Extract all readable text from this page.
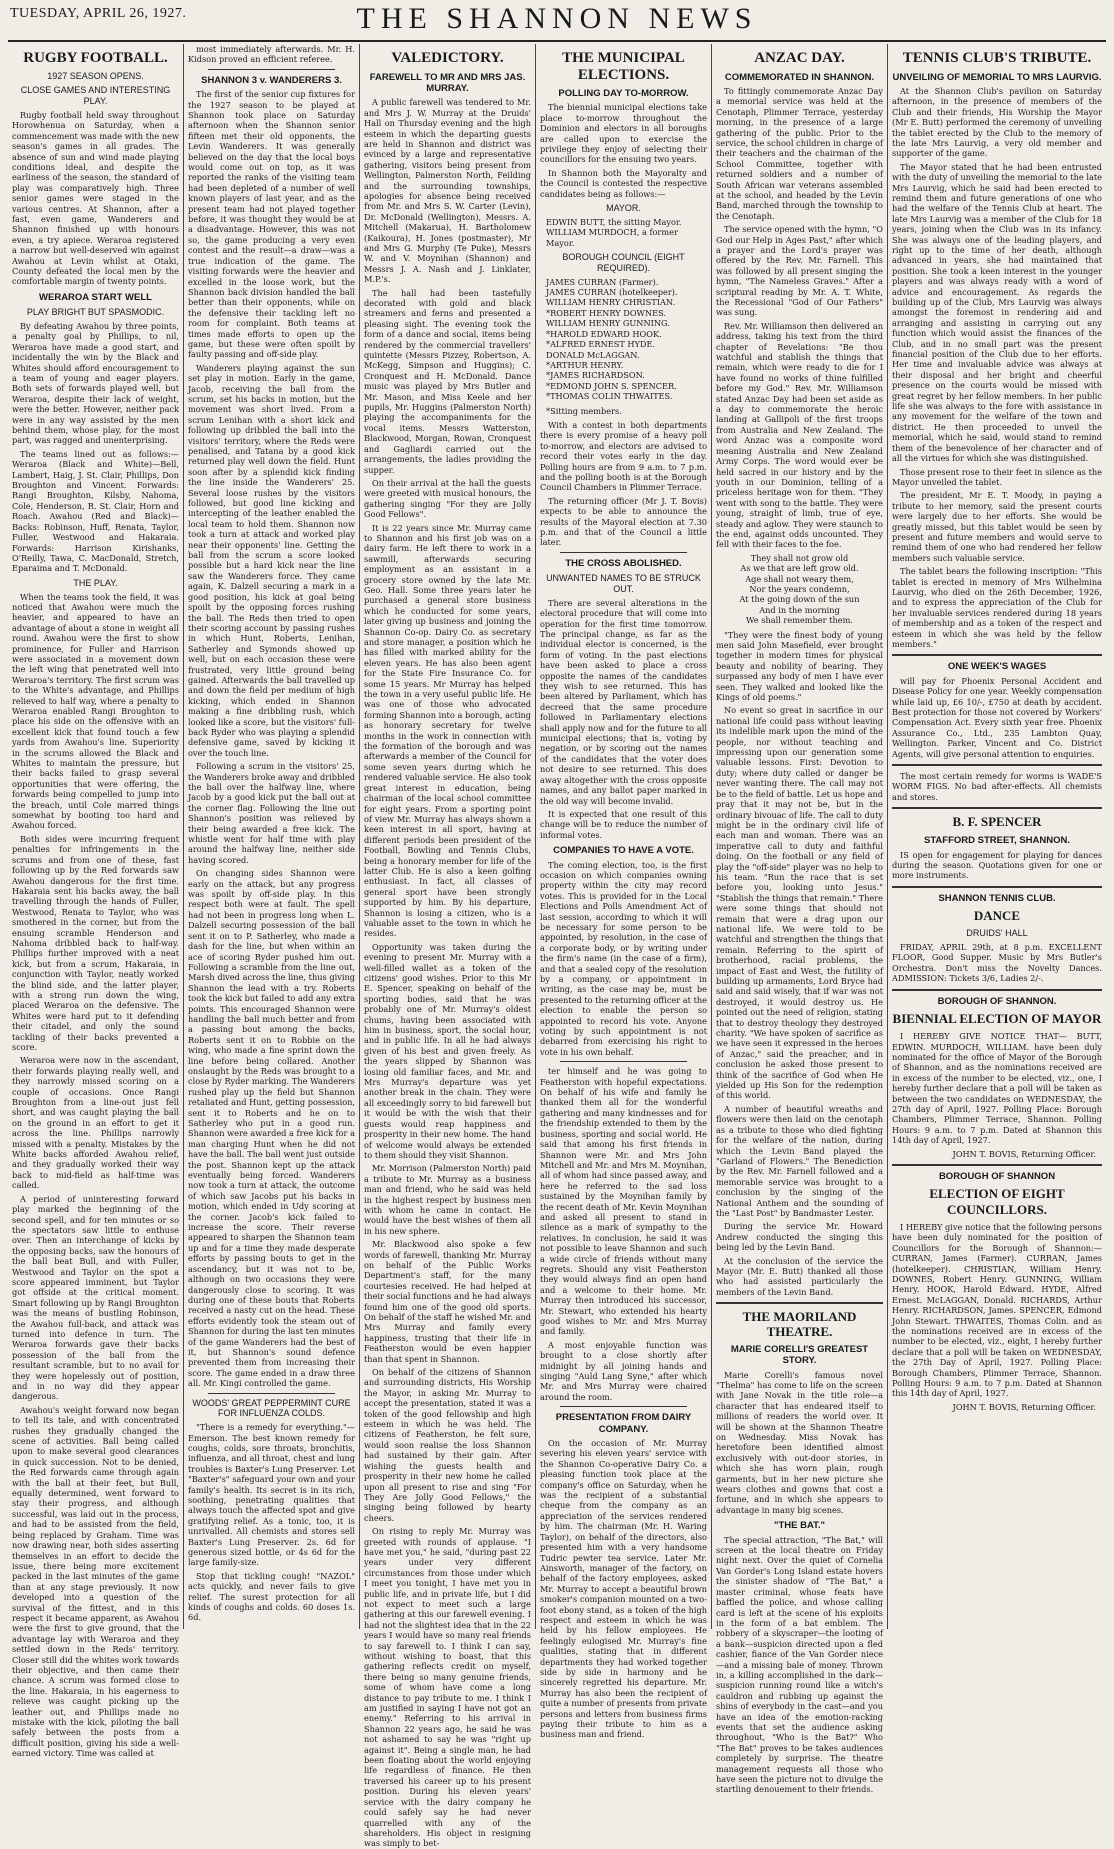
TUESDAY, APRIL 26, 1927.	THE SHANNON NEWS
RUGBY FOOTBALL.
1927 SEASON OPENS.
CLOSE GAMES AND INTERESTING PLAY.

Rugby football held sway throughout Horowhenua on Saturday, when a commencement was made with the new season's games in all grades. The absence of sun and wind made playing conditions ideal, and despite the earliness of the season, the standard of play was comparatively high. Three senior games were staged in the various centres. At Shannon, after a fast, even game, Wanderers and Shannon finished up with honours even, a try apiece. Weraroa registered a narrow but well-deserved win against Awahou at Levin whilst at Otaki, County defeated the local men by the comfortable margin of twenty points.

WERAROA START WELL
PLAY BRIGHT BUT SPASMODIC.

By defeating Awahou by three points, a penalty goal by Phillips, to nil, Weraroa have made a good start, and incidentally the win by the Black and Whites should afford encouragement to a team of young and eager players. Both sets of forwards played well, but Weraroa, despite their lack of weight, were the better. However, neither pack were in any way assisted by the men behind them, whose play, for the most part, was ragged and unenterprising.

The teams lined out as follows:— Weraroa (Black and White)—Bell, Lambert, Haig, J. St. Clair, Phillips, Don Broughton and Vincent. Forwards: Rangi Broughton, Kilsby, Nahoma, Cole, Henderson, R. St. Clair, Horn and Roach. Awahou (Red and Black)—Backs: Robinson, Huff, Renata, Taylor, Fuller, Westwood and Hakaraia. Forwards: Harrison Kirishanks, O'Reilly, Tawa, C. MacDonald, Stretch, Eparaima and T. McDonald.

THE PLAY.

When the teams took the field, it was noticed that Awahou were much the heavier, and appeared to have an advantage of about a stone in weight all round. Awahou were the first to show prominence, for Fuller and Harrison were associated in a movement down the left wing that penetrated well into Weraroa's territory. The first scrum was to the White's advantage, and Phillips relieved to half way, where a penalty to Weraroa enabled Rangi Broughton to place his side on the offensive with an excellent kick that found touch a few yards from Awahou's line. Superiority in the scrums allowed the Black and Whites to maintain the pressure, but their backs failed to grasp several opportunities that were offering, the forwards being compelled to jump into the breach, until Cole marred things somewhat by booting too hard and Awahou forced.

Both sides were incurring frequent penalties for infringements in the scrums and from one of these, fast following up by the Red forwards saw Awahou dangerous for the first time. Hakaraia sent his backs away, the ball travelling through the hands of Fuller, Westwood, Renata to Taylor, who was smothered in the corner, but from the ensuing scramble Henderson and Nahoma dribbled back to half-way. Phillips further improved with a neat kick, but from a scrum, Hakaraia, in conjunction with Taylor, neatly worked the blind side, and the latter player, with a strong run down the wing, placed Weraroa on the defensive. The Whites were hard put to it defending their citadel, and only the sound tackling of their backs prevented a score.

Weraroa were now in the ascendant, their forwards playing really well, and they narrowly missed scoring on a couple of occasions. Once Rangi Broughton from a line-out just fell short, and was caught playing the ball on the ground in an effort to get it across the line. Phillips narrowly missed with a penalty. Mistakes by the White backs afforded Awahou relief, and they gradually worked their way back to mid-field as half-time was called.

A period of uninteresting forward play marked the beginning of the second spell, and for ten minutes or so the spectators saw little to enthuse over. Then an interchange of kicks by the opposing backs, saw the honours of the ball beat Bull, and with Fuller, Westwood and Taylor on the spot a score appeared imminent, but Taylor got offside at the critical moment. Smart following up by Rangi Broughton was the means of bustling Robinson, the Awahou full-back, and attack was turned into defence in turn. The Weraroa forwards gave their backs possession of the ball from the resultant scramble, but to no avail for they were hopelessly out of position, and in no way did they appear dangerous.

Awahou's weight forward now began to tell its tale, and with concentrated rushes they gradually changed the scene of activities. Ball being called upon to make several good clearances in quick succession. Not to be denied, the Red forwards came through again with the ball at their feet, but Bull, equally determined, went forward to stay their progress, and although successful, was laid out in the process, and had to be assisted from the field, being replaced by Graham. Time was now drawing near, both sides asserting themselves in an effort to decide the issue, there being more excitement packed in the last minutes of the game than at any stage previously. It now developed into a question of the survival of the fittest, and in this respect it became apparent, as Awahou were the first to give ground, that the advantage lay with Weraroa and they settled down in the Reds' territory. Closer still did the whites work towards their objective, and then came their chance. A scrum was formed close to the line. Hakaraia, in his eagerness to relieve was caught picking up the leather out, and Phillips made no mistake with the kick, piloting the ball safely between the posts from a difficult position, giving his side a well-earned victory. Time was called at

most immediately afterwards. Mr. H. Kidson proved an efficient referee.

SHANNON 3 v. WANDERERS 3.

The first of the senior cup fixtures for the 1927 season to be played at Shannon took place on Saturday afternoon when the Shannon senior fifteen met their old opponents, the Levin Wanderers. It was generally believed on the day that the local boys would come out on top, as it was reported the ranks of the visiting team had been depleted of a number of well known players of last year, and as the present team had not played together before, it was thought they would be at a disadvantage. However, this was not so, the game producing a very even contest and the result—a draw—was a true indication of the game. The visiting forwards were the heavier and excelled in the loose work, but the Shannon back division handled the ball better than their opponents, while on the defensive their tackling left no room for complaint. Both teams at times made efforts to open up the game, but these were often spoilt by faulty passing and off-side play.

Wanderers playing against the sun set play in motion. Early in the game, Jacob, receiving the ball from the scrum, set his backs in motion, but the movement was short lived. From a scrum Lenihan with a short kick and following up dribbled the ball into the visitors' territory, where the Reds were penalised, and Tatana by a good kick returned play well down the field. Hunt soon after by a splendid kick finding the line inside the Wanderers' 25. Several loose rushes by the visitors followed, but good line kicking and intercepting of the leather enabled the local team to hold them. Shannon now took a turn at attack and worked play near their opponents' line. Getting the ball from the scrum a score looked possible but a hard kick near the line saw the Wanderers force. They came again, K. Dalzell securing a mark in a good position, his kick at goal being spoilt by the opposing forces rushing the ball. The Reds then tried to open their scoring account by passing rushes in which Hunt, Roberts, Lenihan, Satherley and Symonds showed up well, but on each occasion these were frustrated, very little ground being gained. Afterwards the ball travelled up and down the field per medium of high kicking, which ended in Shannon making a fine dribbling rush, which looked like a score, but the visitors' full-back Ryder who was playing a splendid defensive game, saved by kicking it over the touch line.

Following a scrum in the visitors' 25, the Wanderers broke away and dribbled the ball over the halfway line, where Jacob by a good kick put the ball out at the corner flag. Following the line out Shannon's position was relieved by their being awarded a free kick. The whistle went for half time with play around the halfway line, neither side having scored.

On changing sides Shannon were early on the attack, but any progress was spoilt by off-side play. In this respect both were at fault. The spell had not been in progress long when L. Dalzell securing possession of the ball sent it on to P. Satherley, who made a dash for the line, but when within an ace of scoring Ryder pushed him out. Following a scramble from the line out, Marsh dived across the line, thus giving Shannon the lead with a try. Roberts took the kick but failed to add any extra points. This encouraged Shannon were handling the ball much better and from a passing bout among the backs, Roberts sent it on to Robbie on the wing, who made a fine sprint down the line before being collared. Another onslaught by the Reds was brought to a close by Ryder marking. The Wanderers rushed play up the field but Shannon retaliated and Hunt, getting possession, sent it to Roberts and he on to Satherley who put in a good run. Shannon were awarded a free kick for a man charging Hunt when he did not have the ball. The ball went just outside the post. Shannon kept up the attack eventually being forced. Wanderers now took a turn at attack, the outcome of which saw Jacobs put his backs in motion, which ended in Udy scoring at the corner. Jacob's kick failed to increase the score. Their reverse appeared to sharpen the Shannon team up and for a time they made desperate efforts by passing bouts to get in the ascendancy, but it was not to be, although on two occasions they were dangerously close to scoring. It was during one of these bouts that Roberts received a nasty cut on the head. These efforts evidently took the steam out of Shannon for during the last ten minutes of the game Wanderers had the best of it, but Shannon's sound defence prevented them from increasing their score. The game ended in a draw three all. Mr. Kingi controlled the game.

WOODS' GREAT PEPPERMINT CURE FOR INFLUENZA COLDS.

"There is a remedy for everything."—Emerson. The best known remedy for coughs, colds, sore throats, bronchitis, influenza, and all throat, chest and lung troubles is Baxter's Lung Preserver. Let "Baxter's" safeguard your own and your family's health. Its secret is in its rich, soothing, penetrating qualities that always touch the affected spot and give gratifying relief. As a tonic, too, it is unrivalled. All chemists and stores sell Baxter's Lung Preserver. 2s. 6d for generous sized bottle, or 4s 6d for the large family-size.

Stop that tickling cough! "NAZOL" acts quickly, and never fails to give relief. The surest protection for all kinds of coughs and colds. 60 doses 1s. 6d.

VALEDICTORY.
FAREWELL TO MR AND MRS JAS. MURRAY.

A public farewell was tendered to Mr. and Mrs J. W. Murray at the Druids' Hall on Thursday evening and the high esteem in which the departing guests are held in Shannon and district was evinced by a large and representative gathering, visitors being present from Wellington, Palmerston North, Feilding and the surrounding townships, apologies for absence being received from Mr. and Mrs S. W. Carter (Levin), Dr. McDonald (Wellington), Messrs. A. Mitchell (Makarua), H. Bartholomew (Kaikoura), H. Jones (postmaster), Mr and Mrs G. Murphy (Te Puke), Messrs W. and V. Moynihan (Shannon) and Messrs J. A. Nash and J. Linklater, M.P.'s.

The hall had been tastefully decorated with gold and black streamers and ferns and presented a pleasing sight. The evening took the form of a dance and social, items being rendered by the commercial travellers' quintette (Messrs Pizzey, Robertson, A. McKegg, Simpson and Huggins); C. Cronquest and H. McDonald. Dance music was played by Mrs Butler and Mr. Mason, and Miss Keele and her pupils, Mr. Huggins (Palmerston North) playing the accompaniments for the vocal items. Messrs Watterston, Blackwood, Morgan, Rowan, Cronquest and Gagliardi carried out the arrangements, the ladies providing the supper.

On their arrival at the hall the guests were greeted with musical honours, the gathering singing "For they are Jolly Good Fellows".

It is 22 years since Mr. Murray came to Shannon and his first job was on a dairy farm. He left there to work in a sawmill, afterwards securing employment as an assistant in a grocery store owned by the late Mr. Geo. Hall. Some three years later he purchased a general store business which he conducted for some years, later giving up business and joining the Shannon Co-op. Dairy Co. as secretary and store manager, a position which he has filled with marked ability for the eleven years. He has also been agent for the State Fire Insurance Co. for some 15 years. Mr Murray has helped the town in a very useful public life. He was one of those who advocated forming Shannon into a borough, acting as honorary secretary for twelve months in the work in connection with the formation of the borough and was afterwards a member of the Council for some seven years during which he rendered valuable service. He also took great interest in education, being chairman of the local school committee for eight years. From a sporting point of view Mr. Murray has always shown a keen interest in all sport, having at different periods been president of the Football, Bowling and Tennis Clubs, being a honorary member for life of the latter Club. He is also a keen golfing enthusiast. In fact, all classes of general sport have been strongly supported by him. By his departure, Shannon is losing a citizen, who is a valuable asset to the town in which he resides.

Opportunity was taken during the evening to present Mr. Murray with a well-filled wallet as a token of the citizens' good wishes. Prior to this Mr E. Spencer, speaking on behalf of the sporting bodies, said that he was probably one of Mr. Murray's oldest chums, having been associated with him in business, sport, the social hour, and in public life. In all he had always given of his best and given freely. As the years slipped by Shannon was losing old familiar faces, and Mr. and Mrs Murray's departure was yet another break in the chain. They were all exceedingly sorry to bid farewell but it would be with the wish that their guests would reap happiness and prosperity in their new home. The hand of welcome would always be extended to them should they visit Shannon.

Mr. Morrison (Palmerston North) paid a tribute to Mr. Murray as a business man and friend, who he said was held in the highest respect by business men with whom he came in contact. He would have the best wishes of them all in his new sphere.

Mr. Blackwood also spoke a few words of farewell, thanking Mr. Murray on behalf of the Public Works Department's staff, for the many courtesies received. He had helped at their social functions and he had always found him one of the good old sports. On behalf of the staff he wished Mr. and Mrs Murray and family every happiness, trusting that their life in Featherston would be even happier than that spent in Shannon.

On behalf of the citizens of Shannon and surrounding districts, His Worship the Mayor, in asking Mr. Murray to accept the presentation, stated it was a token of the good fellowship and high esteem in which he was held. The citizens of Featherston, he felt sure, would soon realise the loss Shannon had sustained by their gain. After wishing the guests health and prosperity in their new home he called upon all present to rise and sing "For They Are Jolly Good Fellows," the singing being followed by hearty cheers.

On rising to reply Mr. Murray was greeted with rounds of applause. "I have met you," he said, "during past 22 years under very different circumstances from those under which I meet you tonight, I have met you in public life, and in private life, but I did not expect to meet such a large gathering at this our farewell evening. I had not the slightest idea that in the 22 years I would have so many real friends to say farewell to. I think I can say, without wishing to boast, that this gathering reflects credit on myself, there being so many genuine friends, some of whom have come a long distance to pay tribute to me. I think I am justified in saying I have not got an enemy." Referring to his arrival in Shannon 22 years ago, he said he was not ashamed to say he was "right up against it". Being a single man, he had been floating about the world enjoying life regardless of finance. He then traversed his career up to his present position. During his eleven years' service with the dairy company he could safely say he had never quarrelled with any of the shareholders. His object in resigning was simply to bet-

THE MUNICIPAL ELECTIONS.
POLLING DAY TO-MORROW.

The biennial municipal elections take place to-morrow throughout the Dominion and electors in all boroughs are called upon to exercise the privilege they enjoy of selecting their councillors for the ensuing two years.

In Shannon both the Mayoralty and the Council is contested the respective candidates being as follows:—

MAYOR.
EDWIN BUTT, the sitting Mayor.
WILLIAM MURDOCH, a former Mayor.
BOROUGH COUNCIL (EIGHT REQUIRED).
JAMES CURRAN (Farmer).
JAMES CURRAN (hotelkeeper).
WILLIAM HENRY CHRISTIAN.
*ROBERT HENRY DOWNES.
WILLIAM HENRY GUNNING.
*HAROLD EDWARD HOOK.
*ALFRED ERNEST HYDE.
DONALD McLAGGAN.
*ARTHUR HENRY.
*JAMES RICHARDSON.
*EDMOND JOHN S. SPENCER.
*THOMAS COLIN THWAITES.
*Sitting members.

With a contest in both departments there is every promise of a heavy poll to-morrow, and electors are advised to record their votes early in the day. Polling hours are from 9 a.m. to 7 p.m. and the polling booth is at the Borough Council Chambers in Plimmer Terrace.

The returning officer (Mr J. T. Bovis) expects to be able to announce the results of the Mayoral election at 7.30 p.m. and that of the Council a little later.

THE CROSS ABOLISHED.
UNWANTED NAMES TO BE STRUCK OUT.

There are several alterations in the electoral procedure that will come into operation for the first time tomorrow. The principal change, as far as the individual elector is concerned, is the form of voting. In the past elections have been asked to place a cross opposite the names of the candidates they wish to see returned. This has been altered by Parliament, which has decreed that the same procedure followed in Parliamentary elections shall apply now and for the future to all municipal elections; that is, voting by negation, or by scoring out the names of the candidates that the voter does not desire to see returned. This does away altogether with the cross opposite names, and any ballot paper marked in the old way will become invalid.

It is expected that one result of this change will be to reduce the number of informal votes.

COMPANIES TO HAVE A VOTE.

The coming election, too, is the first occasion on which companies owning property within the city may record votes. This is provided for in the Local Elections and Polls Amendment Act of last session, according to which it will be necessary for some person to be appointed, by resolution, in the case of a corporate body, or by writing under the firm's name (in the case of a firm), and that a sealed copy of the resolution by a company, or appointment in writing, as the case may be, must be presented to the returning officer at the election to enable the person so appointed to record his vote. Anyone voting by such appointment is not debarred from exercising his right to vote in his own behalf.

ter himself and he was going to Featherston with hopeful expectations. On behalf of his wife and family he thanked them all for the wonderful gathering and many kindnesses and for the friendship extended to them by the business, sporting and social world. He said that among his first friends in Shannon were Mr. and Mrs John Mitchell and Mr. and Mrs M. Moynihan, all of whom had since passed away, and here he referred to the sad loss sustained by the Moynihan family by the recent death of Mr. Kevin Moynihan and asked all present to stand in silence as a mark of sympathy to the relatives. In conclusion, he said it was not possible to leave Shannon and such a wide circle of friends without many regrets. Should any visit Featherston they would always find an open hand and a welcome to their home. Mr. Murray then introduced his successor, Mr. Stewart, who extended his hearty good wishes to Mr. and Mrs Murray and family.

A most enjoyable function was brought to a close shortly after midnight by all joining hands and singing "Auld Lang Syne," after which Mr. and Mrs Murray were chaired around the room.

PRESENTATION FROM DAIRY COMPANY.

On the occasion of Mr. Murray severing his eleven years' service with the Shannon Co-operative Dairy Co. a pleasing function took place at the company's office on Saturday, when he was the recipient of a substantial cheque from the company as an appreciation of the services rendered by him. The chairman (Mr. H. Waring Taylor), on behalf of the directors, also presented him with a very handsome Tudric pewter tea service. Later Mr. Ainsworth, manager of the factory, on behalf of the factory employees, asked Mr. Murray to accept a beautiful brown smoker's companion mounted on a two-foot ebony stand, as a token of the high respect and esteem in which he was held by his fellow employees. He feelingly eulogised Mr. Murray's fine qualities, stating that in different departments they had worked together side by side in harmony and he sincerely regretted his departure. Mr. Murray has also been the recipient of quite a number of presents from private persons and letters from business firms paying their tribute to him as a business man and friend.

ANZAC DAY.
COMMEMORATED IN SHANNON.

To fittingly commemorate Anzac Day a memorial service was held at the Cenotaph, Plimmer Terrace, yesterday morning, in the presence of a large gathering of the public. Prior to the service, the school children in charge of their teachers and the chairman of the School Committee, together with returned soldiers and a number of South African war veterans assembled at the school, and headed by the Levin Band, marched through the township to the Cenotaph.

The service opened with the hymn, "O God our Help in Ages Past," after which a prayer and the Lord's prayer was offered by the Rev. Mr. Farnell. This was followed by all present singing the hymn, "The Nameless Graves." After a scriptural reading by Mr. A. T. White, the Recessional "God of Our Fathers" was sung.

Rev. Mr. Williamson then delivered an address, taking his text from the third chapter of Revelations: "Be thou watchful and stablish the things that remain, which were ready to die for I have found no works of thine fulfilled before my God." Rev. Mr. Williamson stated Anzac Day had been set aside as a day to commemorate the heroic landing at Gallipoli of the first troops from Australia and New Zealand. The word Anzac was a composite word meaning Australia and New Zealand Army Corps. The word would ever be held sacred in our history and by the youth in our Dominion, telling of a priceless heritage won for them. "They went with song to the battle. They were young, straight of limb, true of eye, steady and aglow. They were staunch to the end, against odds uncounted. They fell with their faces to the foe.

They shall not grow old
As we that are left grow old.
Age shall not weary them,
Nor the years condemn,
At the going down of the sun
And in the morning
We shall remember them.

"They were the finest body of young men said John Masefield, ever brought together in modern times for physical beauty and nobility of bearing. They surpassed any body of men I have ever seen. They walked and looked like the Kings of old poems."

No event so great in sacrifice in our national life could pass without leaving its indelible mark upon the mind of the people, nor without teaching and impressing upon our generation some valuable lessons. First: Devotion to duty; where duty called or danger be never wanting there. The call may not be to the field of battle. Let us hope and pray that it may not be, but in the ordinary bivouac of life. The call to duty might be in the ordinary civil life of each man and woman. There was an imperative call to duty and faithful doing. On the football or any field of play the "off-side" player was no help to his team. "Run the race that is set before you, looking unto Jesus." "Stablish the things that remain." There were some things that should not remain that were a drag upon our national life. We were told to be watchful and strengthen the things that remain. Referring to the spirit of brotherhood, racial problems, the impact of East and West, the futility of building up armaments, Lord Bryce had said and said wisely, that if war was not destroyed, it would destroy us. He pointed out the need of religion, stating that to destroy theology they destroyed charity. "We have spoken of sacrifice as we have seen it expressed in the heroes of Anzac," said the preacher, and in conclusion he asked those present to think of the sacrifice of God when He yielded up His Son for the redemption of this world.

A number of beautiful wreaths and flowers were then laid on the cenotaph as a tribute to those who died fighting for the welfare of the nation, during which the Levin Band played the "Garland of Flowers." The Benediction by the Rev. Mr. Farnell followed and a memorable service was brought to a conclusion by the singing of the National Anthem and the sounding of the "Last Post" by Bandmaster Lester.

During the service Mr. Howard Andrew conducted the singing this being led by the Levin Band.

At the conclusion of the service the Mayor (Mr. E. Butt) thanked all those who had assisted particularly the members of the Levin Band.

THE MAORILAND THEATRE.
MARIE CORELLI'S GREATEST STORY.

Marie Corelli's famous novel "Thelma" has come to life on the screen with Jane Novak in the title role—a character that has endeared itself to millions of readers the world over. It will be shown at the Shannon Theatre on Wednesday. Miss Novak has heretofore been identified almost exclusively with out-door stories, in which she has worn plain, rough garments, but in her new picture she wears clothes and gowns that cost a fortune, and in which she appears to advantage in many big scenes.

"THE BAT."

The special attraction, "The Bat," will screen at the local theatre on Friday night next. Over the quiet of Cornelia Van Gorder's Long Island estate hovers the sinister shadow of "The Bat," a master criminal, whose feats have baffled the police, and whose calling card is left at the scene of his exploits in the form of a bat emblem. The robbery of a skyscraper—the looting of a bank—suspicion directed upon a fled cashier, fiance of the Van Gorder niece—and a missing bale of money. Thrown in, a killing accomplished in the dark—suspicion running round like a witch's cauldron and rubbing up against the shins of everybody in the cast—and you have an idea of the emotion-racking events that set the audience asking throughout, "Who is the Bat?" Who "The Bat" proves to be takes audiences completely by surprise. The theatre management requests all those who have seen the picture not to divulge the startling denouement to their friends.

TENNIS CLUB'S TRIBUTE.
UNVEILING OF MEMORIAL TO MRS LAURVIG.

At the Shannon Club's pavilion on Saturday afternoon, in the presence of members of the Club and their friends, His Worship the Mayor (Mr E. Butt) performed the ceremony of unveiling the tablet erected by the Club to the memory of the late Mrs Laurvig, a very old member and supporter of the game.

The Mayor stated that he had been entrusted with the duty of unveiling the memorial to the late Mrs Laurvig, which he said had been erected to remind them and future generations of one who had the welfare of the Tennis Club at heart. The late Mrs Laurvig was a member of the Club for 18 years, joining when the Club was in its infancy. She was always one of the leading players, and right up to the time of her death, although advanced in years, she had maintained that position. She took a keen interest in the younger players and was always ready with a word of advice and encouragement. As regards the building up of the Club, Mrs Laurvig was always amongst the foremost in rendering aid and arranging and assisting in carrying out any function which would assist the finances of the Club, and in no small part was the present financial position of the Club due to her efforts. Her time and invaluable advice was always at their disposal and her bright and cheerful presence on the courts would be missed with great regret by her fellow members. In her public life she was always to the fore with assistance in any movement for the welfare of the town and district. He then proceeded to unveil the memorial, which he said, would stand to remind them of the benevolence of her character and of all the virtues for which she was distinguished.

Those present rose to their feet in silence as the Mayor unveiled the tablet.

The president, Mr E. T. Moody, in paying a tribute to her memory, said the present courts were largely due to her efforts. She would be greatly missed, but this tablet would be seen by present and future members and would serve to remind them of one who had rendered her fellow members such valuable service.

The tablet bears the following inscription: "This tablet is erected in memory of Mrs Wilhelmina Laurvig, who died on the 26th December, 1926, and to express the appreciation of the Club for her invaluable services rendered during 18 years of membership and as a token of the respect and esteem in which she was held by the fellow members."

ONE WEEK'S WAGES

will pay for Phoenix Personal Accident and Disease Policy for one year. Weekly compensation while laid up, £6 10/-, £750 at death by accident. Best protection for those not covered by Workers' Compensation Act. Every sixth year free. Phoenix Assurance Co., Ltd., 235 Lambton Quay, Wellington. Parker, Vincent and Co. District Agents, will give personal attention to enquiries.

The most certain remedy for worms is WADE'S WORM FIGS. No bad after-effects. All chemists and stores.

B. F. SPENCER
STAFFORD STREET, SHANNON.

IS open for engagement for playing for dances during the season. Quotations given for one or more instruments.

SHANNON TENNIS CLUB.
DANCE
DRUIDS' HALL

FRIDAY, APRIL 29th, at 8 p.m. EXCELLENT FLOOR, Good Supper. Music by Mrs Butler's Orchestra. Don't miss the Novelty Dances. ADMISSION: Tickets 3/6, Ladies 2/-.

BOROUGH OF SHANNON.
BIENNIAL ELECTION OF MAYOR

I HEREBY GIVE NOTICE THAT— BUTT, EDWIN. MURDOCH, WILLIAM. have been duly nominated for the office of Mayor of the Borough of Shannon, and as the nominations received are in excess of the number to be elected, viz., one, I hereby further declare that a poll will be taken as between the two candidates on WEDNESDAY, the 27th day of April, 1927. Polling Place: Borough Chambers, Plimmer Terrace, Shannon. Polling Hours: 9 a.m. to 7 p.m. Dated at Shannon this 14th day of April, 1927.

JOHN T. BOVIS, Returning Officer.
BOROUGH OF SHANNON
ELECTION OF EIGHT COUNCILLORS.

I HEREBY give notice that the following persons have been duly nominated for the position of Councillors for the Borough of Shannon:— CURRAN, James (Farmer). CURRAN, James (hotelkeeper). CHRISTIAN, William Henry. DOWNES, Robert Henry. GUNNING, William Henry. HOOK, Harold Edward. HYDE, Alfred Ernest. McLAGGAN, Donald. RICHARDS, Arthur Henry. RICHARDSON, James. SPENCER, Edmond John Stewart. THWAITES, Thomas Colin. and as the nominations received are in excess of the number to be elected, viz., eight, I hereby further declare that a poll will be taken on WEDNESDAY, the 27th Day of April, 1927. Polling Place: Borough Chambers, Plimmer Terrace, Shannon. Polling Hours: 9 a.m. to 7 p.m. Dated at Shannon this 14th day of April, 1927.

JOHN T. BOVIS, Returning Officer.
